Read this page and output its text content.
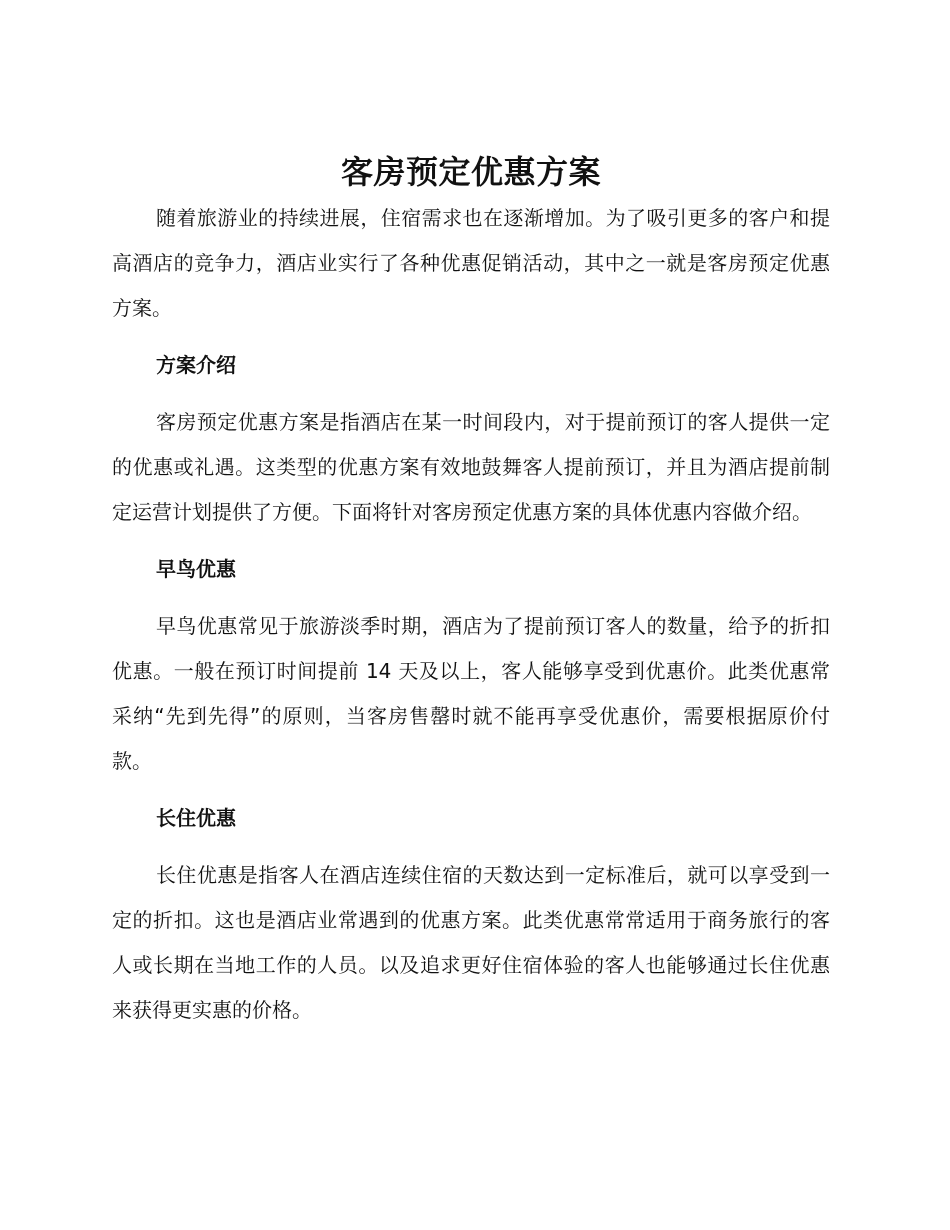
客房预定优惠方案

随着旅游业的持续进展，住宿需求也在逐渐增加。为了吸引更多的客户和提高酒店的竞争力，酒店业实行了各种优惠促销活动，其中之一就是客房预定优惠方案。

方案介绍

客房预定优惠方案是指酒店在某一时间段内，对于提前预订的客人提供一定的优惠或礼遇。这类型的优惠方案有效地鼓舞客人提前预订，并且为酒店提前制定运营计划提供了方便。下面将针对客房预定优惠方案的具体优惠内容做介绍。

早鸟优惠

早鸟优惠常见于旅游淡季时期，酒店为了提前预订客人的数量，给予的折扣优惠。一般在预订时间提前 14 天及以上，客人能够享受到优惠价。此类优惠常采纳“先到先得”的原则，当客房售罄时就不能再享受优惠价，需要根据原价付款。

长住优惠

长住优惠是指客人在酒店连续住宿的天数达到一定标准后，就可以享受到一定的折扣。这也是酒店业常遇到的优惠方案。此类优惠常常适用于商务旅行的客人或长期在当地工作的人员。以及追求更好住宿体验的客人也能够通过长住优惠来获得更实惠的价格。
